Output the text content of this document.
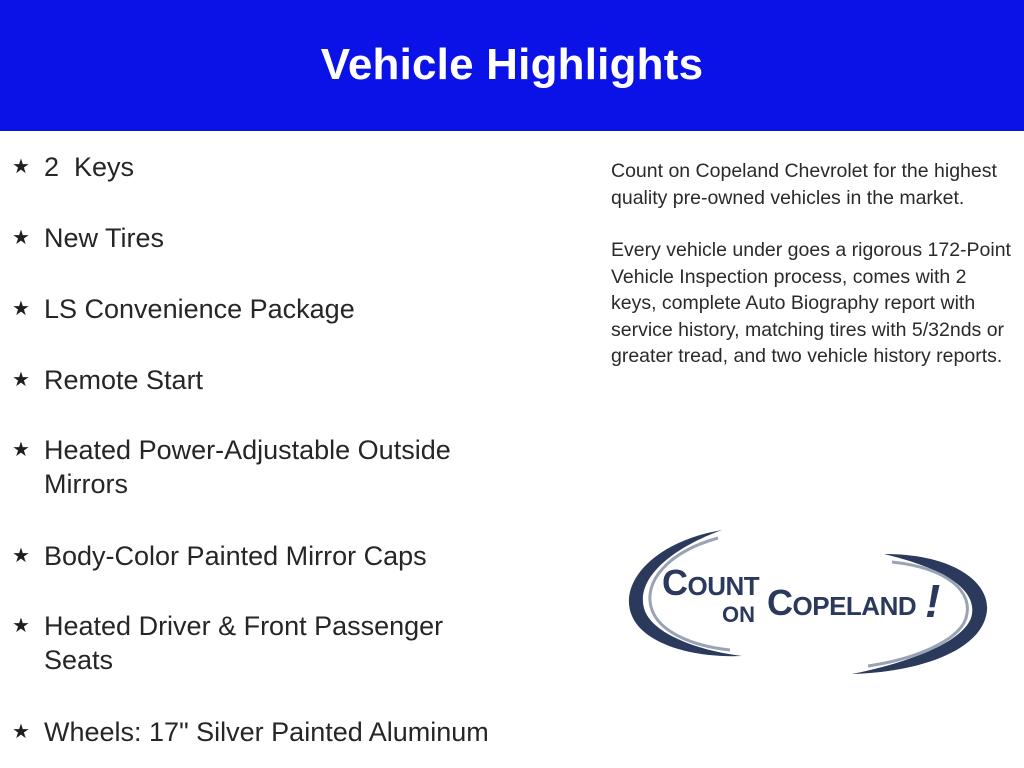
Vehicle Highlights
★ 2  Keys
★ New Tires
★ LS Convenience Package
★ Remote Start
★ Heated Power-Adjustable Outside Mirrors
★ Body-Color Painted Mirror Caps
★ Heated Driver & Front Passenger Seats
★ Wheels: 17" Silver Painted Aluminum

Count on Copeland Chevrolet for the highest quality pre-owned vehicles in the market.

Every vehicle under goes a rigorous 172-Point Vehicle Inspection process, comes with 2 keys, complete Auto Biography report with service history, matching tires with 5/32nds or greater tread, and two vehicle history reports.

COUNT
ON COPELAND !
